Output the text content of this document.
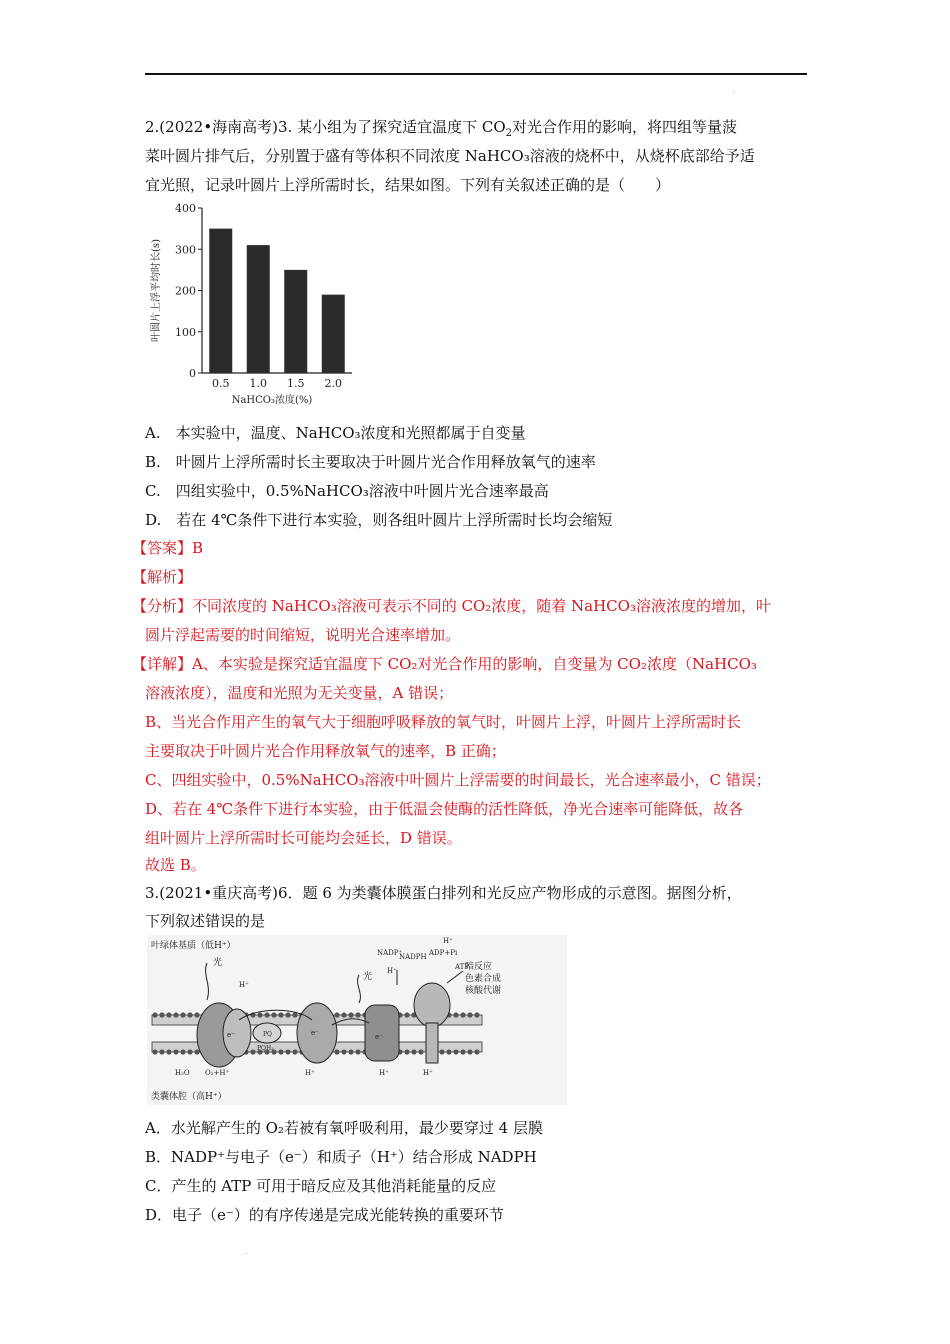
.
2.(2022•海南高考)3. 某小组为了探究适宜温度下 $CO_2$对光合作用的影响，将四组等量菠
菜叶圆片排气后，分别置于盛有等体积不同浓度 NaHCO₃溶液的烧杯中，从烧杯底部给予适
宜光照，记录叶圆片上浮所需时长，结果如图。下列有关叙述正确的是（　　）
0
100
200
300
400
0.5 1.0 1.5 2.0
NaHCO₃浓度(%)
叶圆片上浮平均时长(s)
A.　本实验中，温度、NaHCO₃浓度和光照都属于自变量
B.　叶圆片上浮所需时长主要取决于叶圆片光合作用释放氧气的速率
C.　四组实验中，0.5%NaHCO₃溶液中叶圆片光合速率最高
D.　若在 4℃条件下进行本实验，则各组叶圆片上浮所需时长均会缩短
【答案】B
【解析】
【分析】不同浓度的 NaHCO₃溶液可表示不同的 CO₂浓度，随着 NaHCO₃溶液浓度的增加，叶
圆片浮起需要的时间缩短，说明光合速率增加。
【详解】A、本实验是探究适宜温度下 CO₂对光合作用的影响，自变量为 CO₂浓度（NaHCO₃
溶液浓度），温度和光照为无关变量，A 错误；
B、当光合作用产生的氧气大于细胞呼吸释放的氧气时，叶圆片上浮，叶圆片上浮所需时长
主要取决于叶圆片光合作用释放氧气的速率，B 正确；
C、四组实验中，0.5%NaHCO₃溶液中叶圆片上浮需要的时间最长，光合速率最小，C 错误；
D、若在 4℃条件下进行本实验，由于低温会使酶的活性降低，净光合速率可能降低，故各
组叶圆片上浮所需时长可能均会延长，D 错误。
故选 B。
3.(2021•重庆高考)6．题 6 为类囊体膜蛋白排列和光反应产物形成的示意图。据图分析，
下列叙述错误的是
叶绿体基质（低H⁺）
类囊体腔（高H⁺）
光
光
H⁺
NADP⁺
NADPH
H⁺
ADP+Pi
H⁺
ATP
PQ
PQH₂
e⁻	e⁻	e⁻
H₂O O₂+H⁺	H⁺	H⁺	H⁺
暗反应
色素合成
核酸代谢
A．水光解产生的 O₂若被有氧呼吸利用，最少要穿过 4 层膜
B．NADP⁺与电子（e⁻）和质子（H⁺）结合形成 NADPH
C．产生的 ATP 可用于暗反应及其他消耗能量的反应
D．电子（e⁻）的有序传递是完成光能转换的重要环节
.
